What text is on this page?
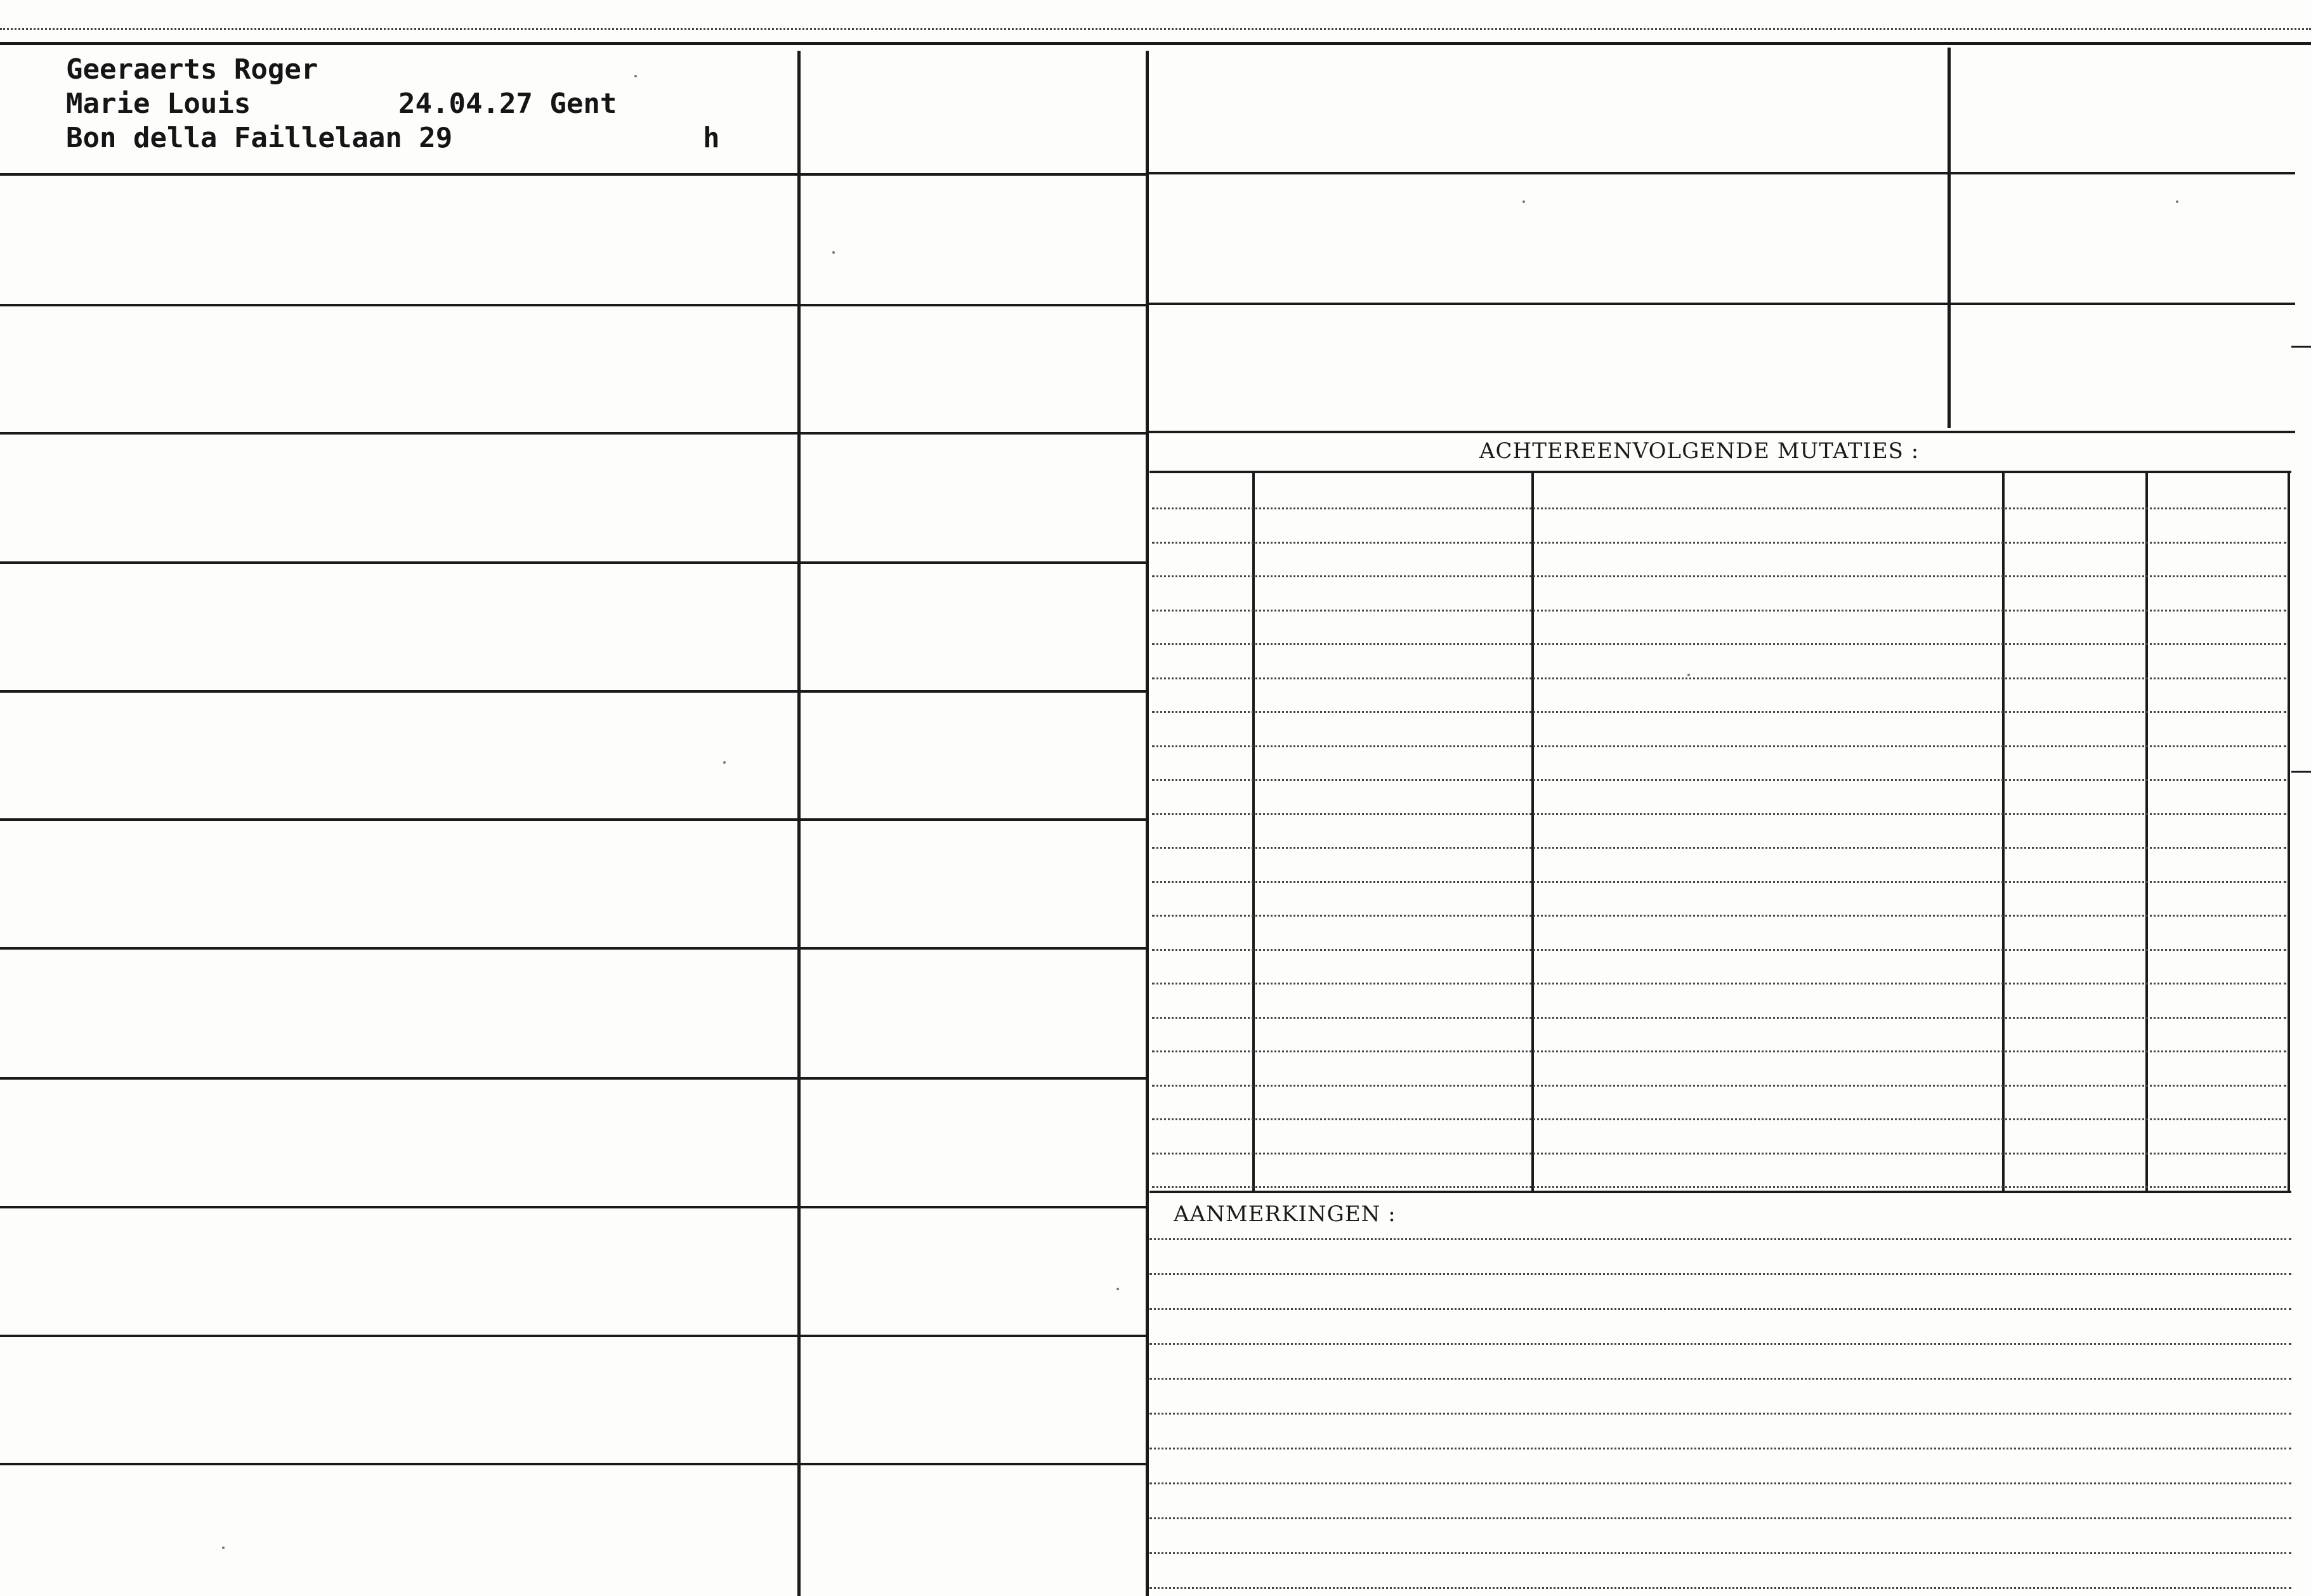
Geeraerts Roger
Marie Louis	24.04.27 Gent
Bon della Faillelaan 29	h
ACHTEREENVOLGENDE MUTATIES :
AANMERKINGEN :
